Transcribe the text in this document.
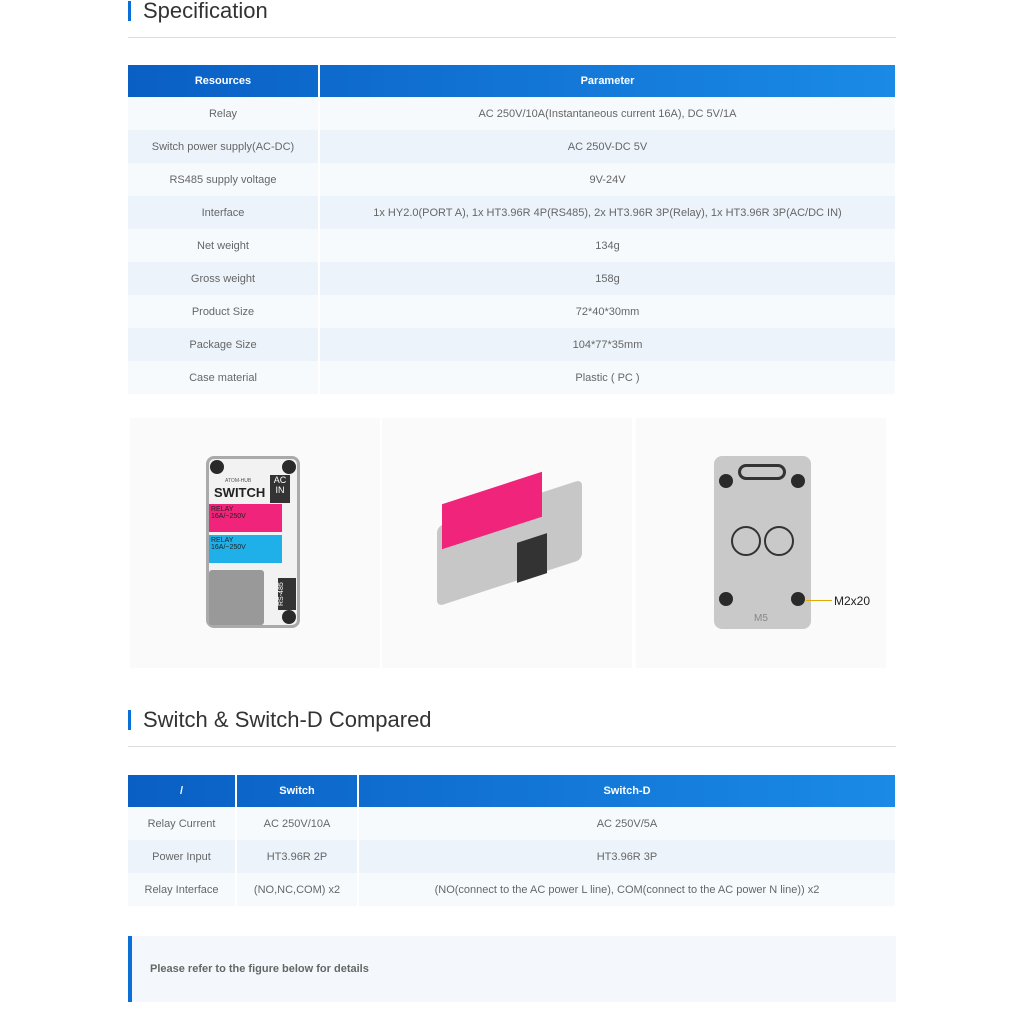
Specification
Resources	Parameter
Relay	AC 250V/10A(Instantaneous current 16A), DC 5V/1A
Switch power supply(AC-DC)	AC 250V-DC 5V
RS485 supply voltage	9V-24V
Interface	1x HY2.0(PORT A), 1x HT3.96R 4P(RS485), 2x HT3.96R 3P(Relay), 1x HT3.96R 3P(AC/DC IN)
Net weight	134g
Gross weight	158g
Product Size	72*40*30mm
Package Size	104*77*35mm
Case material	Plastic ( PC )
ATOM-HUB
SWITCH
AC
IN
RELAY
16A/~250V
RELAY
16A/~250V
RS-485
M5
M2x20
Switch & Switch-D Compared
/	Switch	Switch-D
Relay Current	AC 250V/10A	AC 250V/5A
Power Input	HT3.96R 2P	HT3.96R 3P
Relay Interface	(NO,NC,COM) x2	(NO(connect to the AC power L line), COM(connect to the AC power N line)) x2
Please refer to the figure below for details
